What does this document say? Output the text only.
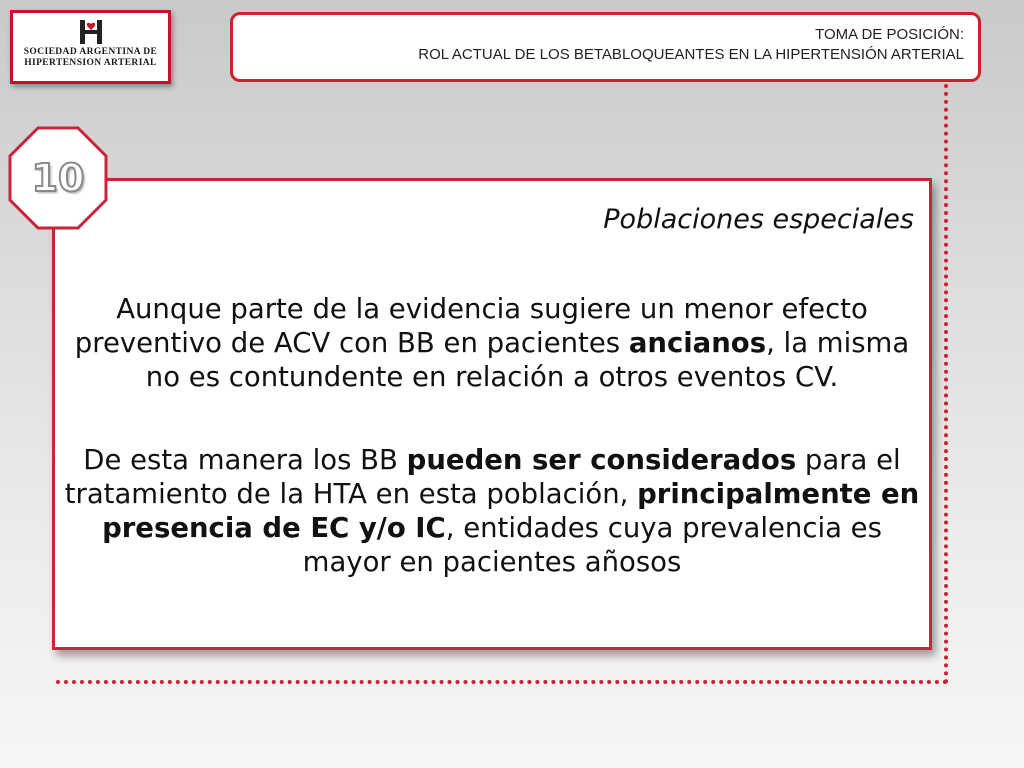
SOCIEDAD ARGENTINA DE
HIPERTENSION ARTERIAL
TOMA DE POSICIÓN:
ROL ACTUAL DE LOS BETABLOQUEANTES EN LA HIPERTENSIÓN ARTERIAL
10
Poblaciones especiales
Aunque parte de la evidencia sugiere un menor efecto preventivo de ACV con BB en pacientes ancianos, la misma no es contundente en relación a otros eventos CV.
De esta manera los BB pueden ser considerados para el tratamiento de la HTA en esta población, principalmente en presencia de EC y/o IC, entidades cuya prevalencia es mayor en pacientes añosos
